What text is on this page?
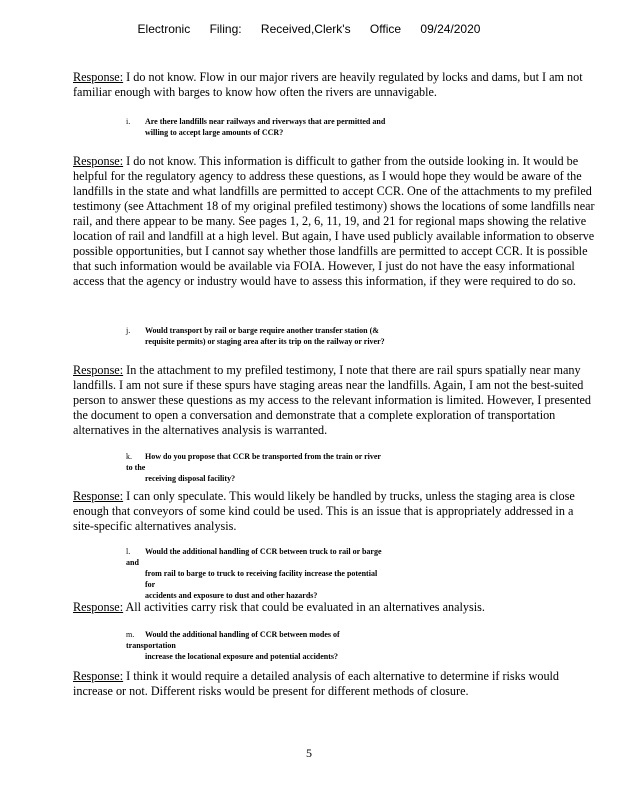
Electronic Filing: Received,Clerk's Office 09/24/2020
Response: I do not know. Flow in our major rivers are heavily regulated by locks and dams, but I am not familiar enough with barges to know how often the rivers are unnavigable.
i. Are there landfills near railways and riverways that are permitted and
willing to accept large amounts of CCR?
Response: I do not know. This information is difficult to gather from the outside looking in. It would be helpful for the regulatory agency to address these questions, as I would hope they would be aware of the landfills in the state and what landfills are permitted to accept CCR. One of the attachments to my prefiled testimony (see Attachment 18 of my original prefiled testimony) shows the locations of some landfills near rail, and there appear to be many. See pages 1, 2, 6, 11, 19, and 21 for regional maps showing the relative location of rail and landfill at a high level. But again, I have used publicly available information to observe possible opportunities, but I cannot say whether those landfills are permitted to accept CCR. It is possible that such information would be available via FOIA. However, I just do not have the easy informational access that the agency or industry would have to assess this information, if they were required to do so.
j. Would transport by rail or barge require another transfer station (&
requisite permits) or staging area after its trip on the railway or river?
Response: In the attachment to my prefiled testimony, I note that there are rail spurs spatially near many landfills. I am not sure if these spurs have staging areas near the landfills. Again, I am not the best-suited person to answer these questions as my access to the relevant information is limited. However, I presented the document to open a conversation and demonstrate that a complete exploration of transportation alternatives in the alternatives analysis is warranted.
k. How do you propose that CCR be transported from the train or river to the
receiving disposal facility?
Response: I can only speculate. This would likely be handled by trucks, unless the staging area is close enough that conveyors of some kind could be used. This is an issue that is appropriately addressed in a site-specific alternatives analysis.
l. Would the additional handling of CCR between truck to rail or barge and
from rail to barge to truck to receiving facility increase the potential for
accidents and exposure to dust and other hazards?
Response: All activities carry risk that could be evaluated in an alternatives analysis.
m. Would the additional handling of CCR between modes of transportation
increase the locational exposure and potential accidents?
Response: I think it would require a detailed analysis of each alternative to determine if risks would increase or not. Different risks would be present for different methods of closure.
5
